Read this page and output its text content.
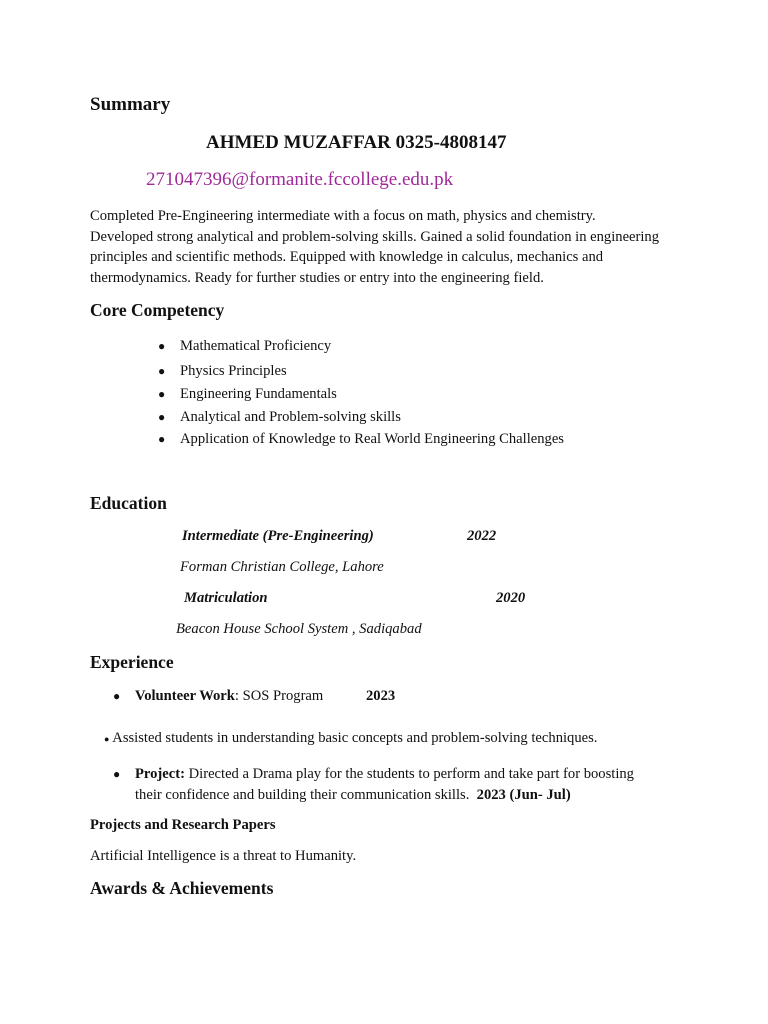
Summary
AHMED MUZAFFAR 0325-4808147
271047396@formanite.fccollege.edu.pk
Completed Pre-Engineering intermediate with a focus on math, physics and chemistry.
Developed strong analytical and problem-solving skills. Gained a solid foundation in engineering
principles and scientific methods. Equipped with knowledge in calculus, mechanics and
thermodynamics. Ready for further studies or entry into the engineering field.
Core Competency
● Mathematical Proficiency
● Physics Principles
● Engineering Fundamentals
● Analytical and Problem-solving skills
● Application of Knowledge to Real World Engineering Challenges
Education
Intermediate (Pre-Engineering)	2022
Forman Christian College, Lahore
Matriculation	2020
Beacon House School System , Sadiqabad
Experience
● Volunteer Work: SOS Program	2023
● Assisted students in understanding basic concepts and problem-solving techniques.
● Project: Directed a Drama play for the students to perform and take part for boosting
their confidence and building their communication skills. 2023 (Jun- Jul)
Projects and Research Papers
Artificial Intelligence is a threat to Humanity.
Awards & Achievements
